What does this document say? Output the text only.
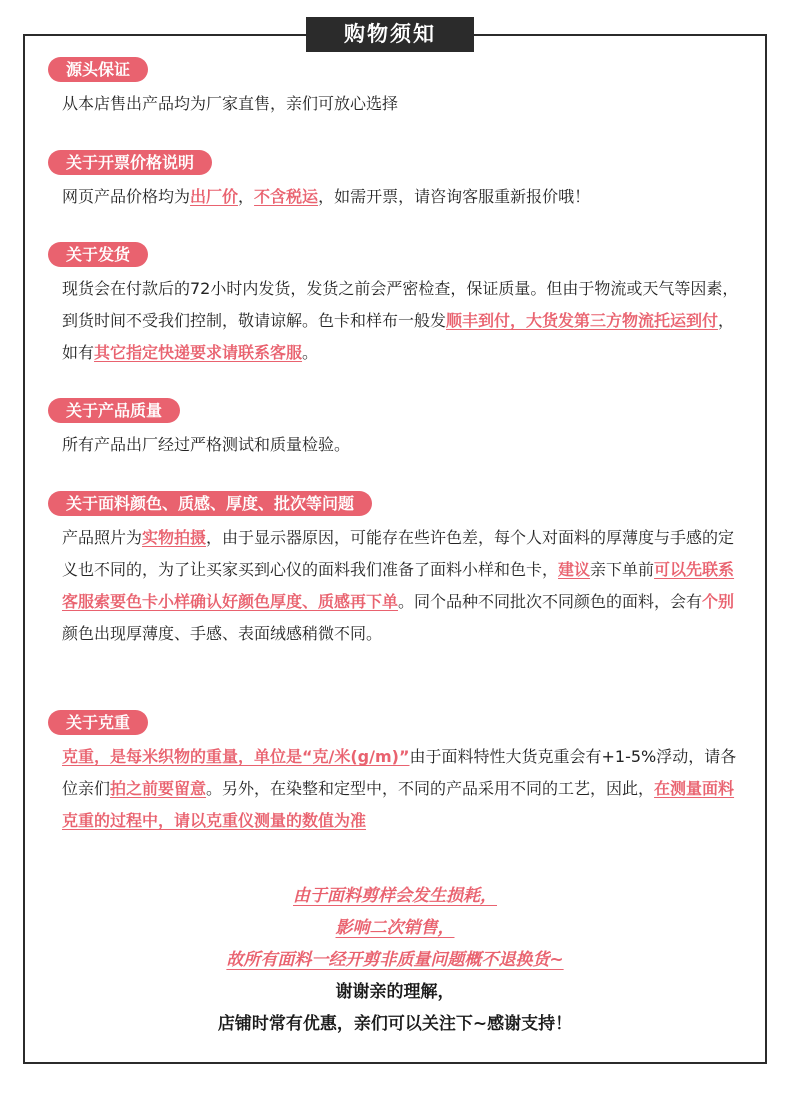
购物须知
源头保证
从本店售出产品均为厂家直售，亲们可放心选择
关于开票价格说明
网页产品价格均为出厂价，不含税运，如需开票，请咨询客服重新报价哦！
关于发货
现货会在付款后的72小时内发货，发货之前会严密检查，保证质量。但由于物流或天气等因素，到货时间不受我们控制，敬请谅解。色卡和样布一般发顺丰到付，大货发第三方物流托运到付，如有其它指定快递要求请联系客服。
关于产品质量
所有产品出厂经过严格测试和质量检验。
关于面料颜色、质感、厚度、批次等问题
产品照片为实物拍摄，由于显示器原因，可能存在些许色差，每个人对面料的厚薄度与手感的定义也不同的，为了让买家买到心仪的面料我们准备了面料小样和色卡，建议亲下单前可以先联系客服索要色卡小样确认好颜色厚度、质感再下单。同个品种不同批次不同颜色的面料，会有个别颜色出现厚薄度、手感、表面绒感稍微不同。
关于克重
克重，是每米织物的重量，单位是“克/米(g/m)”由于面料特性大货克重会有+1-5%浮动，请各位亲们拍之前要留意。另外，在染整和定型中，不同的产品采用不同的工艺，因此，在测量面料克重的过程中，请以克重仪测量的数值为准
由于面料剪样会发生损耗，
影响二次销售，
故所有面料一经开剪非质量问题概不退换货~
谢谢亲的理解，
店铺时常有优惠，亲们可以关注下~感谢支持！
